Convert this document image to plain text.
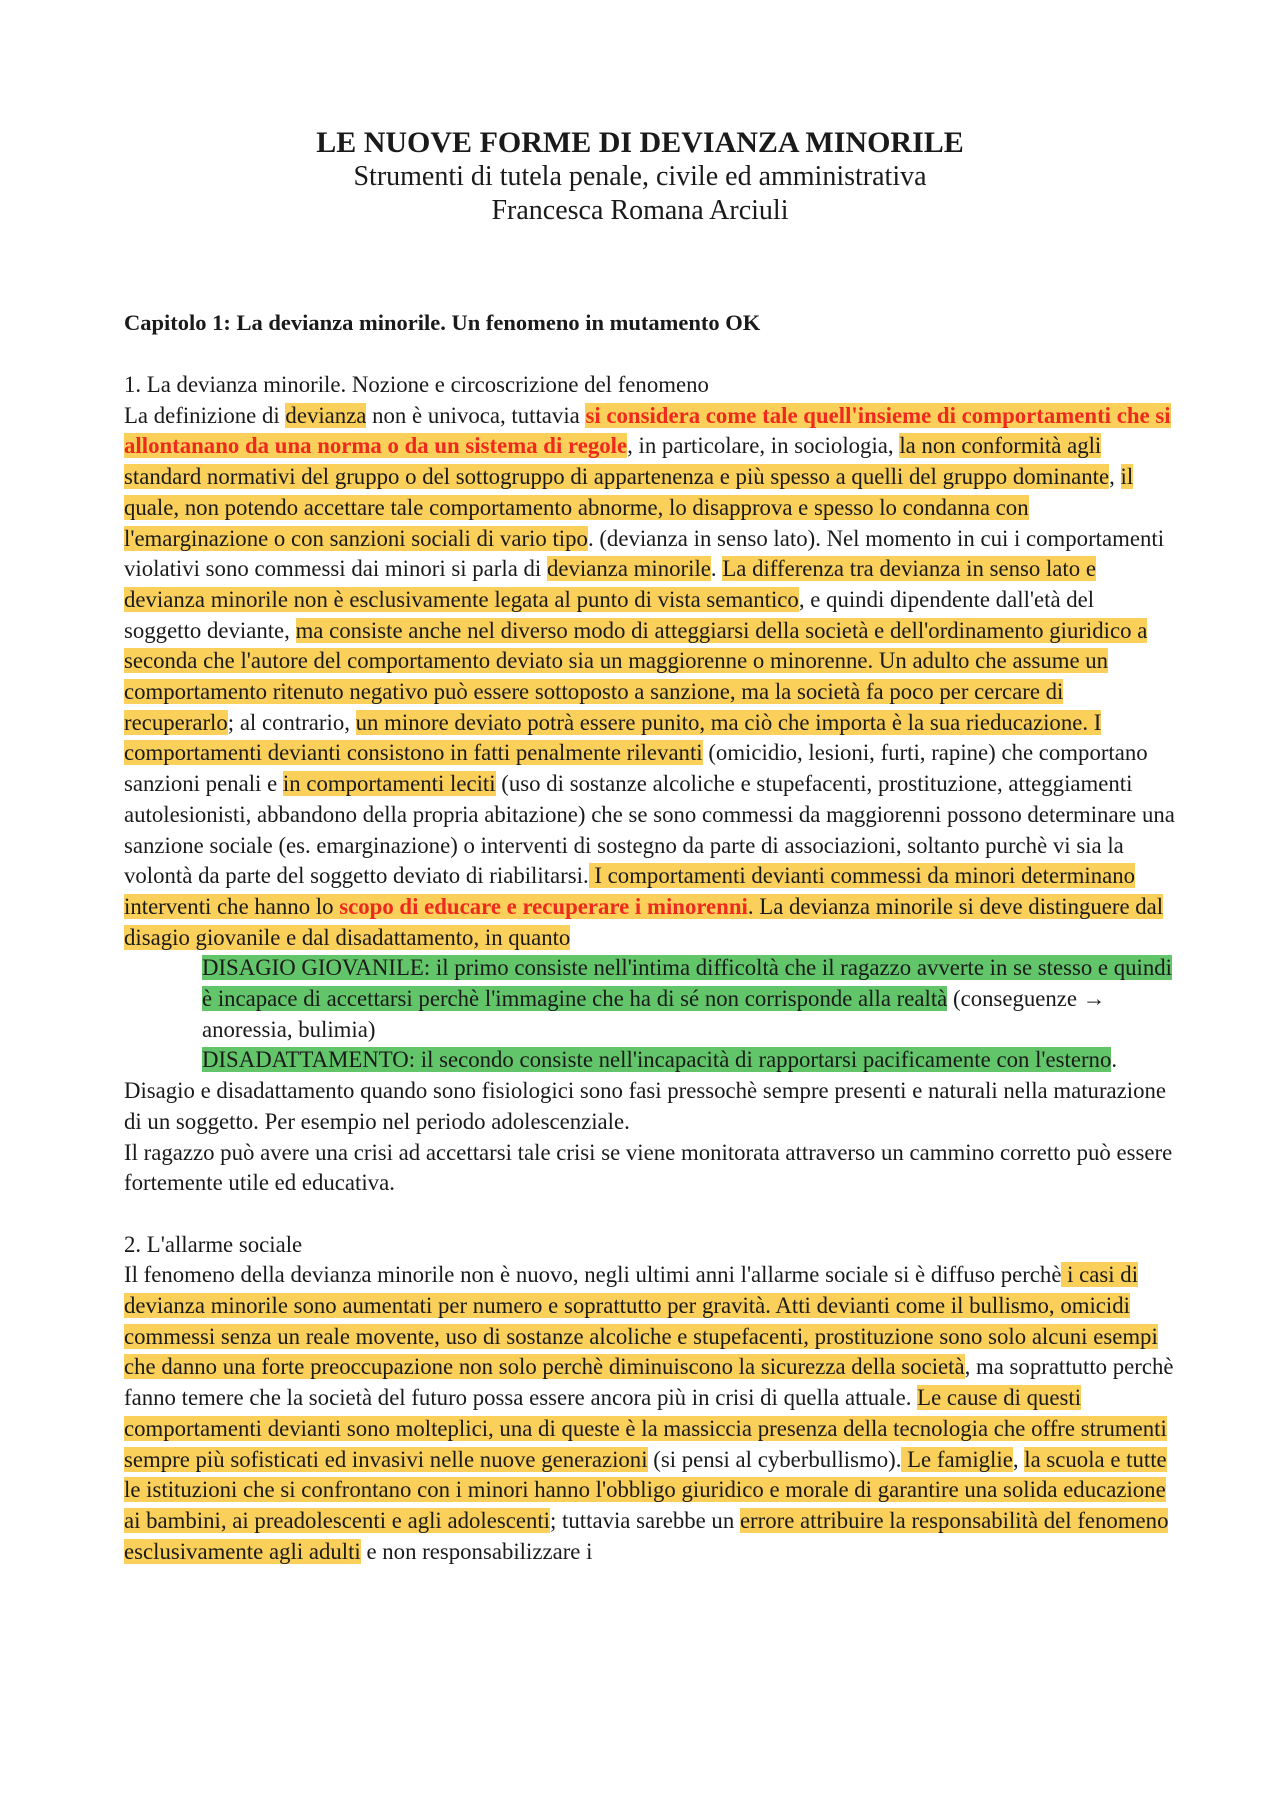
LE NUOVE FORME DI DEVIANZA MINORILE
Strumenti di tutela penale, civile ed amministrativa
Francesca Romana Arciuli
Capitolo 1: La devianza minorile. Un fenomeno in mutamento OK

1. La devianza minorile. Nozione e circoscrizione del fenomeno

La definizione di devianza non è univoca, tuttavia si considera come tale quell'insieme di comportamenti che si allontanano da una norma o da un sistema di regole, in particolare, in sociologia, la non conformità agli standard normativi del gruppo o del sottogruppo di appartenenza e più spesso a quelli del gruppo dominante, il quale, non potendo accettare tale comportamento abnorme, lo disapprova e spesso lo condanna con l'emarginazione o con sanzioni sociali di vario tipo. (devianza in senso lato). Nel momento in cui i comportamenti violativi sono commessi dai minori si parla di devianza minorile. La differenza tra devianza in senso lato e devianza minorile non è esclusivamente legata al punto di vista semantico, e quindi dipendente dall'età del soggetto deviante, ma consiste anche nel diverso modo di atteggiarsi della società e dell'ordinamento giuridico a seconda che l'autore del comportamento deviato sia un maggiorenne o minorenne. Un adulto che assume un comportamento ritenuto negativo può essere sottoposto a sanzione, ma la società fa poco per cercare di recuperarlo; al contrario, un minore deviato potrà essere punito, ma ciò che importa è la sua rieducazione. I comportamenti devianti consistono in fatti penalmente rilevanti (omicidio, lesioni, furti, rapine) che comportano sanzioni penali e in comportamenti leciti (uso di sostanze alcoliche e stupefacenti, prostituzione, atteggiamenti autolesionisti, abbandono della propria abitazione) che se sono commessi da maggiorenni possono determinare una sanzione sociale (es. emarginazione) o interventi di sostegno da parte di associazioni, soltanto purchè vi sia la volontà da parte del soggetto deviato di riabilitarsi. I comportamenti devianti commessi da minori determinano interventi che hanno lo scopo di educare e recuperare i minorenni. La devianza minorile si deve distinguere dal disagio giovanile e dal disadattamento, in quanto

DISAGIO GIOVANILE: il primo consiste nell'intima difficoltà che il ragazzo avverte in se stesso e quindi è incapace di accettarsi perchè l'immagine che ha di sé non corrisponde alla realtà (conseguenze → anoressia, bulimia)

DISADATTAMENTO: il secondo consiste nell'incapacità di rapportarsi pacificamente con l'esterno.

Disagio e disadattamento quando sono fisiologici sono fasi pressochè sempre presenti e naturali nella maturazione di un soggetto. Per esempio nel periodo adolescenziale.

Il ragazzo può avere una crisi ad accettarsi tale crisi se viene monitorata attraverso un cammino corretto può essere fortemente utile ed educativa.

2. L'allarme sociale

Il fenomeno della devianza minorile non è nuovo, negli ultimi anni l'allarme sociale si è diffuso perchè i casi di devianza minorile sono aumentati per numero e soprattutto per gravità. Atti devianti come il bullismo, omicidi commessi senza un reale movente, uso di sostanze alcoliche e stupefacenti, prostituzione sono solo alcuni esempi che danno una forte preoccupazione non solo perchè diminuiscono la sicurezza della società, ma soprattutto perchè fanno temere che la società del futuro possa essere ancora più in crisi di quella attuale. Le cause di questi comportamenti devianti sono molteplici, una di queste è la massiccia presenza della tecnologia che offre strumenti sempre più sofisticati ed invasivi nelle nuove generazioni (si pensi al cyberbullismo). Le famiglie, la scuola e tutte le istituzioni che si confrontano con i minori hanno l'obbligo giuridico e morale di garantire una solida educazione ai bambini, ai preadolescenti e agli adolescenti; tuttavia sarebbe un errore attribuire la responsabilità del fenomeno esclusivamente agli adulti e non responsabilizzare i
